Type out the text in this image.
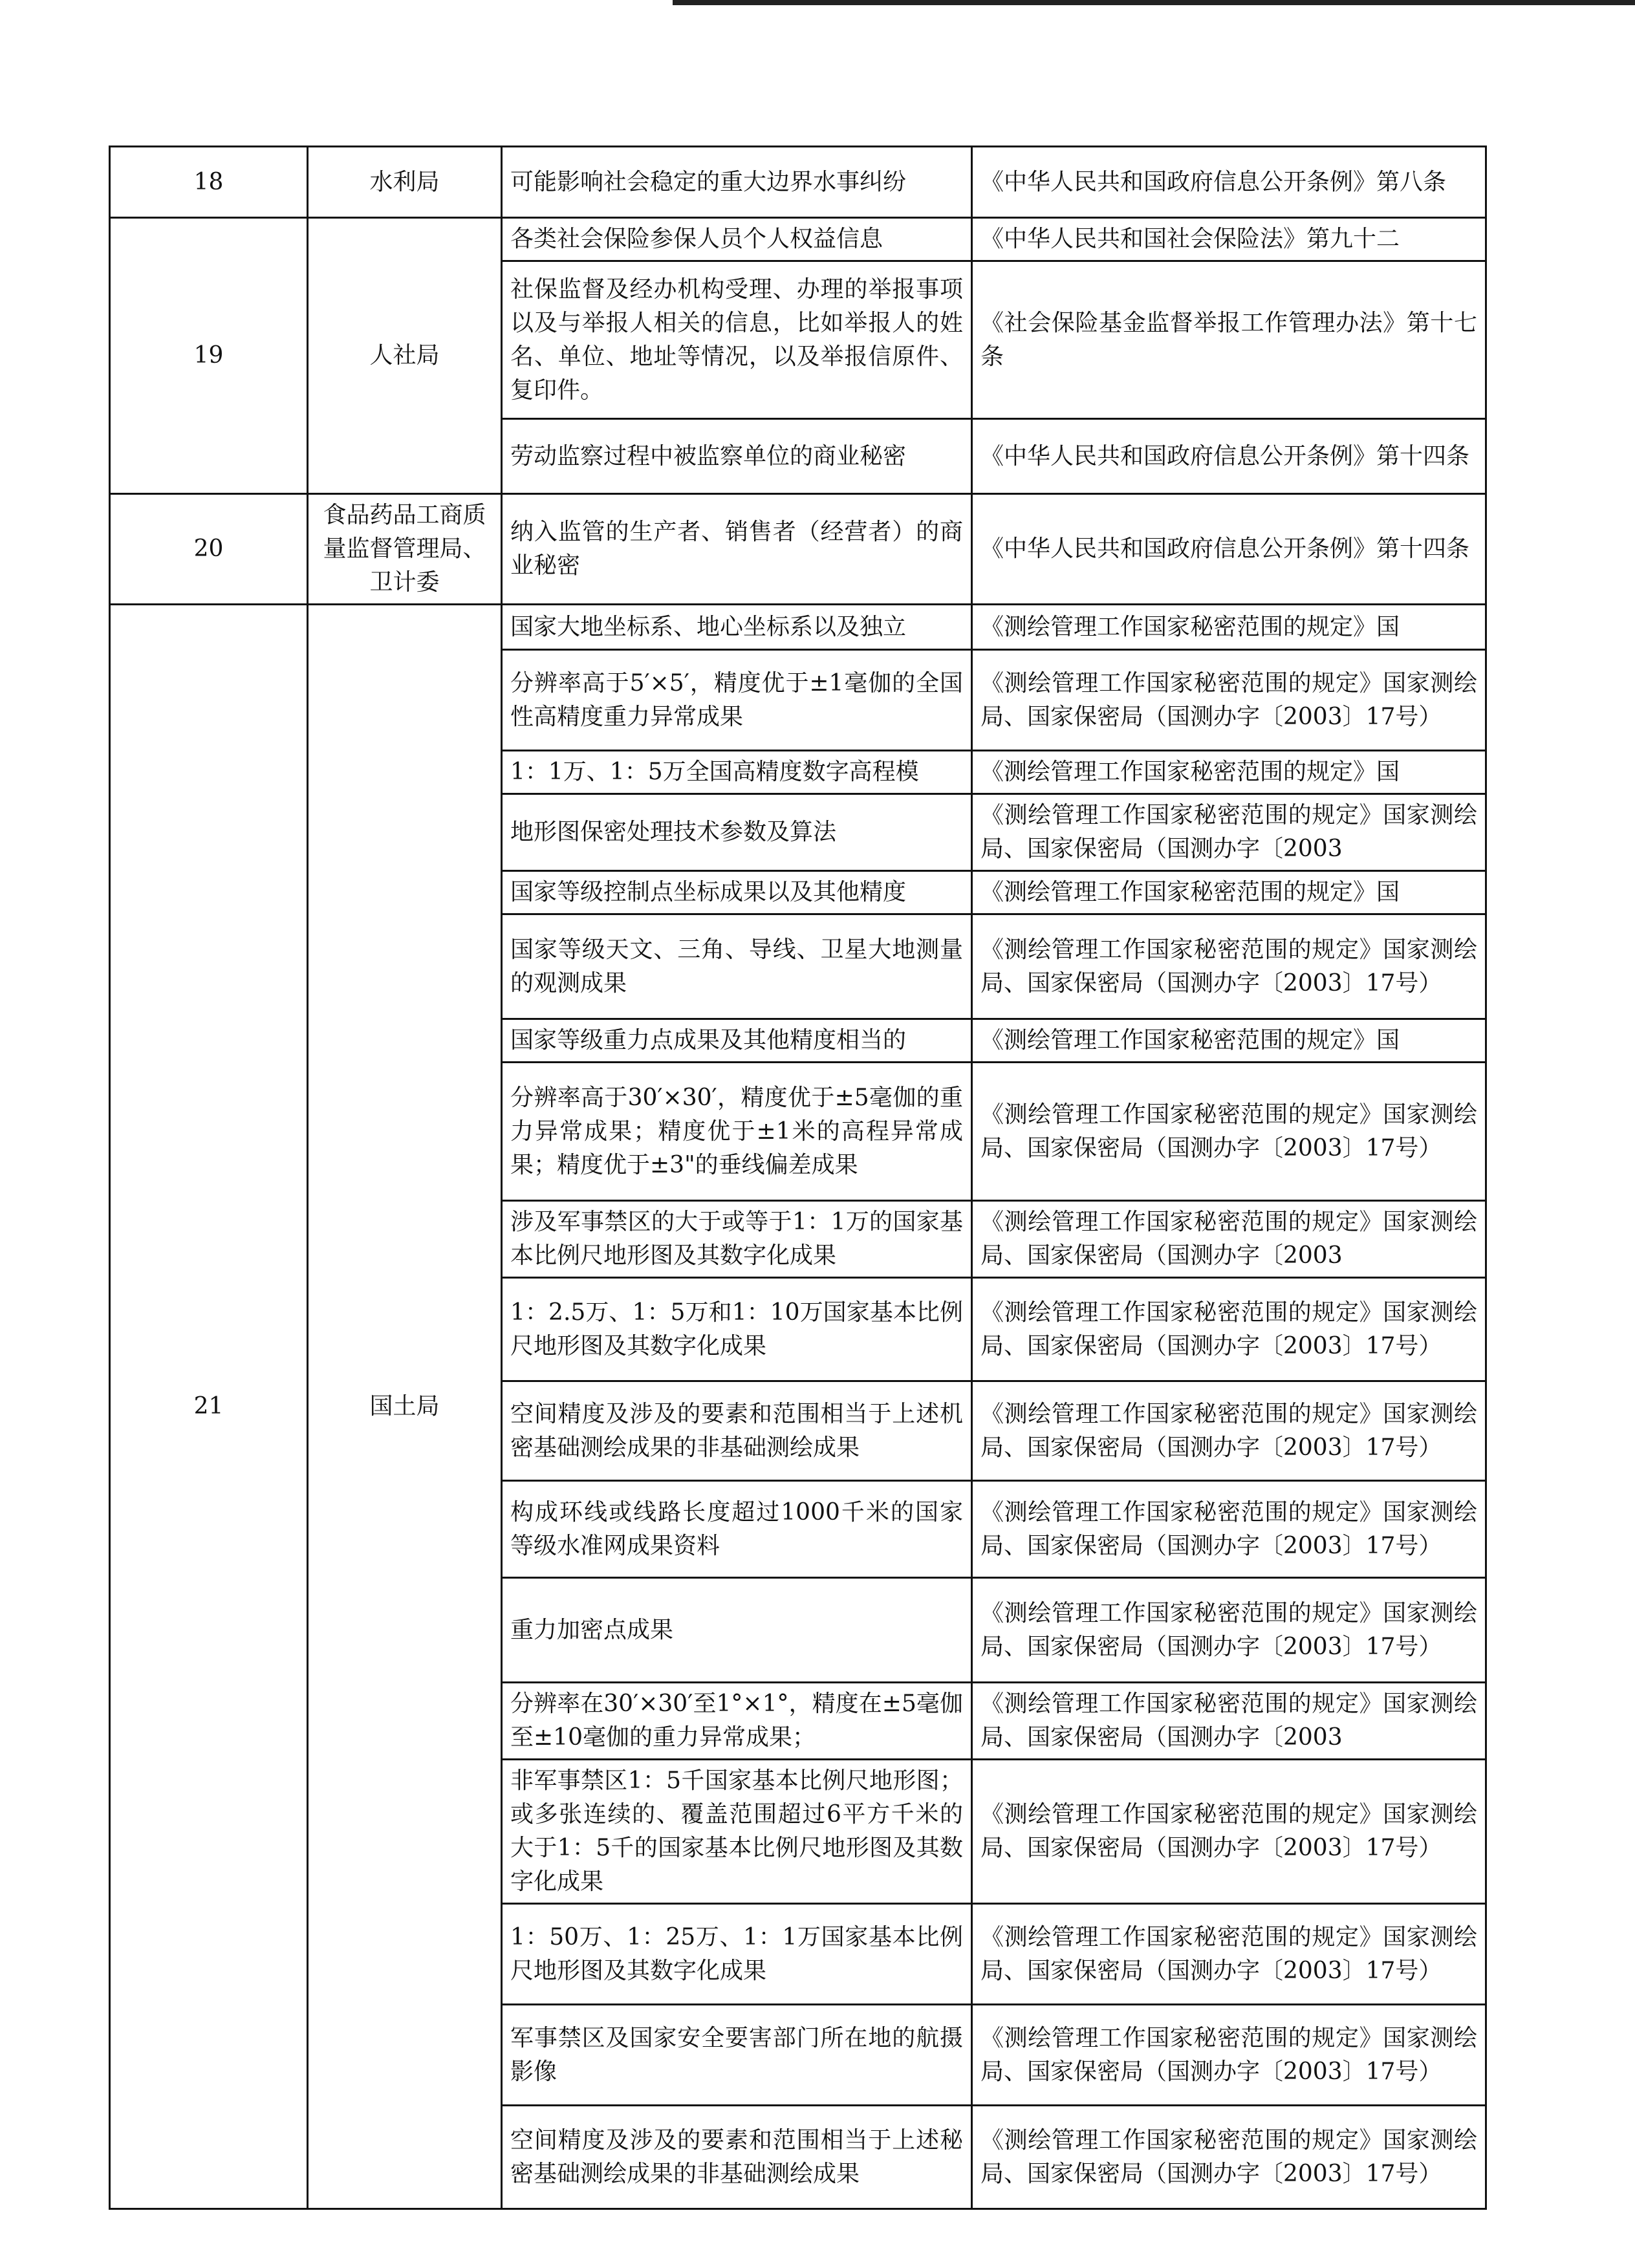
18	水利局	可能影响社会稳定的重大边界水事纠纷	《中华人民共和国政府信息公开条例》第八条
19	人社局	各类社会保险参保人员个人权益信息	《中华人民共和国社会保险法》第九十二
		社保监督及经办机构受理、办理的举报事项以及与举报人相关的信息，比如举报人的姓名、单位、地址等情况，以及举报信原件、复印件。	《社会保险基金监督举报工作管理办法》第十七条
		劳动监察过程中被监察单位的商业秘密	《中华人民共和国政府信息公开条例》第十四条
20	食品药品工商质量监督管理局、卫计委	纳入监管的生产者、销售者（经营者）的商业秘密	《中华人民共和国政府信息公开条例》第十四条
21	国土局	国家大地坐标系、地心坐标系以及独立	《测绘管理工作国家秘密范围的规定》国
		分辨率高于5′×5′，精度优于±1毫伽的全国性高精度重力异常成果	《测绘管理工作国家秘密范围的规定》国家测绘局、国家保密局（国测办字〔2003〕17号）
		1：1万、1：5万全国高精度数字高程模	《测绘管理工作国家秘密范围的规定》国
		地形图保密处理技术参数及算法	《测绘管理工作国家秘密范围的规定》国家测绘局、国家保密局（国测办字〔2003
		国家等级控制点坐标成果以及其他精度	《测绘管理工作国家秘密范围的规定》国
		国家等级天文、三角、导线、卫星大地测量的观测成果	《测绘管理工作国家秘密范围的规定》国家测绘局、国家保密局（国测办字〔2003〕17号）
		国家等级重力点成果及其他精度相当的	《测绘管理工作国家秘密范围的规定》国
		分辨率高于30′×30′，精度优于±5毫伽的重力异常成果；精度优于±1米的高程异常成果；精度优于±3"的垂线偏差成果	《测绘管理工作国家秘密范围的规定》国家测绘局、国家保密局（国测办字〔2003〕17号）
		涉及军事禁区的大于或等于1：1万的国家基本比例尺地形图及其数字化成果	《测绘管理工作国家秘密范围的规定》国家测绘局、国家保密局（国测办字〔2003
		1：2.5万、1：5万和1：10万国家基本比例尺地形图及其数字化成果	《测绘管理工作国家秘密范围的规定》国家测绘局、国家保密局（国测办字〔2003〕17号）
		空间精度及涉及的要素和范围相当于上述机密基础测绘成果的非基础测绘成果	《测绘管理工作国家秘密范围的规定》国家测绘局、国家保密局（国测办字〔2003〕17号）
		构成环线或线路长度超过1000千米的国家等级水准网成果资料	《测绘管理工作国家秘密范围的规定》国家测绘局、国家保密局（国测办字〔2003〕17号）
		重力加密点成果	《测绘管理工作国家秘密范围的规定》国家测绘局、国家保密局（国测办字〔2003〕17号）
		分辨率在30′×30′至1°×1°，精度在±5毫伽至±10毫伽的重力异常成果；	《测绘管理工作国家秘密范围的规定》国家测绘局、国家保密局（国测办字〔2003
		非军事禁区1：5千国家基本比例尺地形图；或多张连续的、覆盖范围超过6平方千米的大于1：5千的国家基本比例尺地形图及其数字化成果	《测绘管理工作国家秘密范围的规定》国家测绘局、国家保密局（国测办字〔2003〕17号）
		1：50万、1：25万、1：1万国家基本比例尺地形图及其数字化成果	《测绘管理工作国家秘密范围的规定》国家测绘局、国家保密局（国测办字〔2003〕17号）
		军事禁区及国家安全要害部门所在地的航摄影像	《测绘管理工作国家秘密范围的规定》国家测绘局、国家保密局（国测办字〔2003〕17号）
		空间精度及涉及的要素和范围相当于上述秘密基础测绘成果的非基础测绘成果	《测绘管理工作国家秘密范围的规定》国家测绘局、国家保密局（国测办字〔2003〕17号）
